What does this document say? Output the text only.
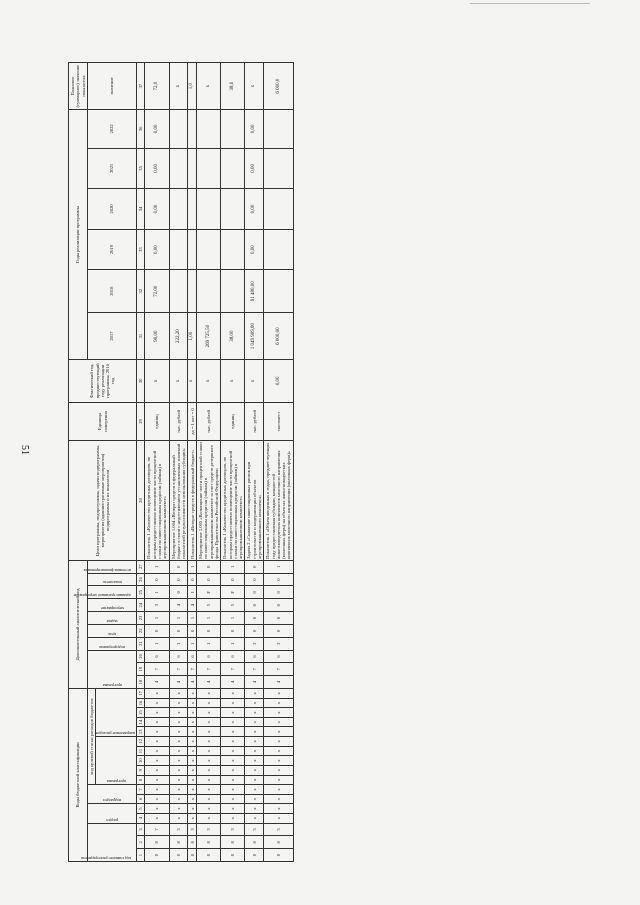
51
Коды бюджетной классификации																	Дополнительный аналитический код										Цели программы, подпрограммы, задачи подпрограммы, мероприятия (административные мероприятия) подпрограммы и их показатели	Единица измерения	Фактический год, предшествующий году реализации программы, 2016 год	Годы реализации программы						Плановое (суммарное) значение показателя

код главного распорядителя			раздел		подраздел		код целевой статьи расходов бюджетов										программа			подпрограмма	цель	задача	мероприятие	административное мероприятие	показатель	источник финансирования				2017	2018	2019	2020	2021	2022	значение

							программа					направление расходов																								

1	2	3	4	5	6	7	8	9	10	11	12	13	14	15	16	17	18	19	20	21	22	23	24	25	26	27	28	29	30	31	32	33	34	35	36	37
0	8	7	x	x	x	x	x	x	x	x	x	x	x	x	x	x	4	7	6	1	0	1	3	1	0	1	Показатель 1 «Количество кредитных договоров, по которым предоставлено возмещение части процентной ставки по инвестиционным кредитам (займам) в агропромышленном комплексе»	единиц	x	90,00	72,00	0,00	0,00	0,00	0,00	72,0
0	8	3	x	x	x	x	x	x	x	x	x	x	x	x	x	x	4	7	6	1	0	1	4	0	0	0	Мероприятие 1.004 «Возврат средств в федеральный бюджет в связи с недостижением установленных значений показателей результативности использования субсидии»	тыс. рублей	x	222,20						x
0	8	3	x	x	x	x	x	x	x	x	x	x	x	x	x	x	4	7	6	1	0	1	4	1	0	1	Показатель 1 «Возврат средств в федеральный бюджет»	да = 1 нет = 0	x	1,00						1,0
0	8	3	x	x	x	x	x	x	x	x	x	x	x	x	x	x	4	7	6	1	0	1	5	F	0	0	Мероприятие 1.005 «Возмещение части процентной ставки по инвестиционным кредитам (займам) в агропромышленном комплексе за счет средств резервного фонда Правительства Российской Федерации»	тыс. рублей	x	269 725,50						x
0	8	3	x	x	x	x	x	x	x	x	x	x	x	x	x	x	4	7	6	1	0	1	5	F	0	1	Показатель 1 «Количество кредитных договоров, по которым предоставлено возмещение части процентной ставки по инвестиционным кредитам (займам) в агропромышленном комплексе»	единиц	x	38,00						38,0
0	8	3	x	x	x	x	x	x	x	x	x	x	x	x	x	x	4	7	6	2	0	0	0	0	0	0	Задача 2 «Снижение инвестиционных рисков при строительстве и модернизации объектов агропромышленного комплекса»	тыс. рублей	x	1 049 909,80	91 480,00	0,00	0,00	0,00	0,00	x
0	8	3	x	x	x	x	x	x	x	x	x	x	x	x	x	x	4	7	6	2	0	0	0	0	0	1	Показатель 1 «Объем введенных в годах, предшествующих году предоставления субсидии, мощностей животноводческих комплексов молочного направления (молочных ферм) на объектах животноводческих комплексов молочного направления (молочных ферм)»	скотомест	0,00	6 000,00						6 000,0
